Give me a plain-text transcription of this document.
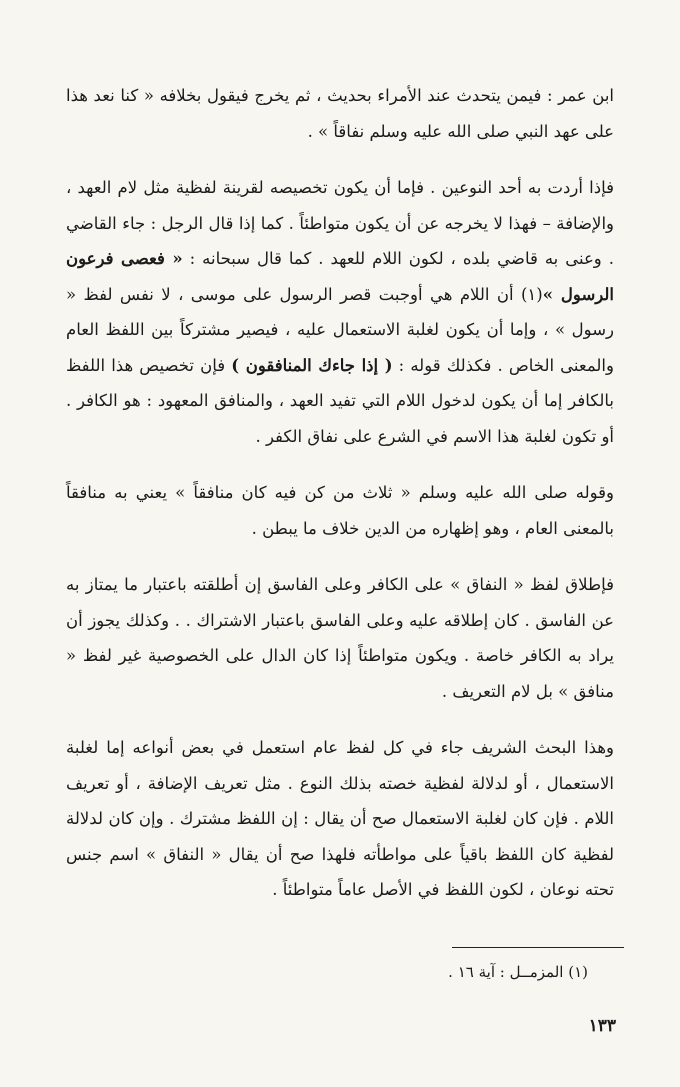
ابن عمر : فيمن يتحدث عند الأمراء بحديث ، ثم يخرج فيقول بخلافه « كنا نعد هذا على عهد النبي صلى الله عليه وسلم نفاقاً » .

فإذا أردت به أحد النوعين . فإما أن يكون تخصيصه لقرينة لفظية مثل لام العهد ، والإضافة – فهذا لا يخرجه عن أن يكون متواطئاً . كما إذا قال الرجل : جاء القاضي . وعنى به قاضي بلده ، لكون اللام للعهد . كما قال سبحانه : « فعصى فرعون الرسول »(١) أن اللام هي أوجبت قصر الرسول على موسى ، لا نفس لفظ « رسول » ، وإما أن يكون لغلبة الاستعمال عليه ، فيصير مشتركاً بين اللفظ العام والمعنى الخاص . فكذلك قوله : ( إذا جاءك المنافقون ) فإن تخصيص هذا اللفظ بالكافر إما أن يكون لدخول اللام التي تفيد العهد ، والمنافق المعهود : هو الكافر . أو تكون لغلبة هذا الاسم في الشرع على نفاق الكفر .

وقوله صلى الله عليه وسلم « ثلاث من كن فيه كان منافقاً » يعني به منافقاً بالمعنى العام ، وهو إظهاره من الدين خلاف ما يبطن .

فإطلاق لفظ « النفاق » على الكافر وعلى الفاسق إن أطلقته باعتبار ما يمتاز به عن الفاسق . كان إطلاقه عليه وعلى الفاسق باعتبار الاشتراك . . وكذلك يجوز أن يراد به الكافر خاصة . ويكون متواطئاً إذا كان الدال على الخصوصية غير لفظ « منافق » بل لام التعريف .

وهذا البحث الشريف جاء في كل لفظ عام استعمل في بعض أنواعه إما لغلبة الاستعمال ، أو لدلالة لفظية خصته بذلك النوع . مثل تعريف الإضافة ، أو تعريف اللام . فإن كان لغلبة الاستعمال صح أن يقال : إن اللفظ مشترك . وإن كان لدلالة لفظية كان اللفظ باقياً على مواطأته فلهذا صح أن يقال « النفاق » اسم جنس تحته نوعان ، لكون اللفظ في الأصل عاماً متواطئاً .

(١) المزمــل : آية ١٦ .
١٣٣
